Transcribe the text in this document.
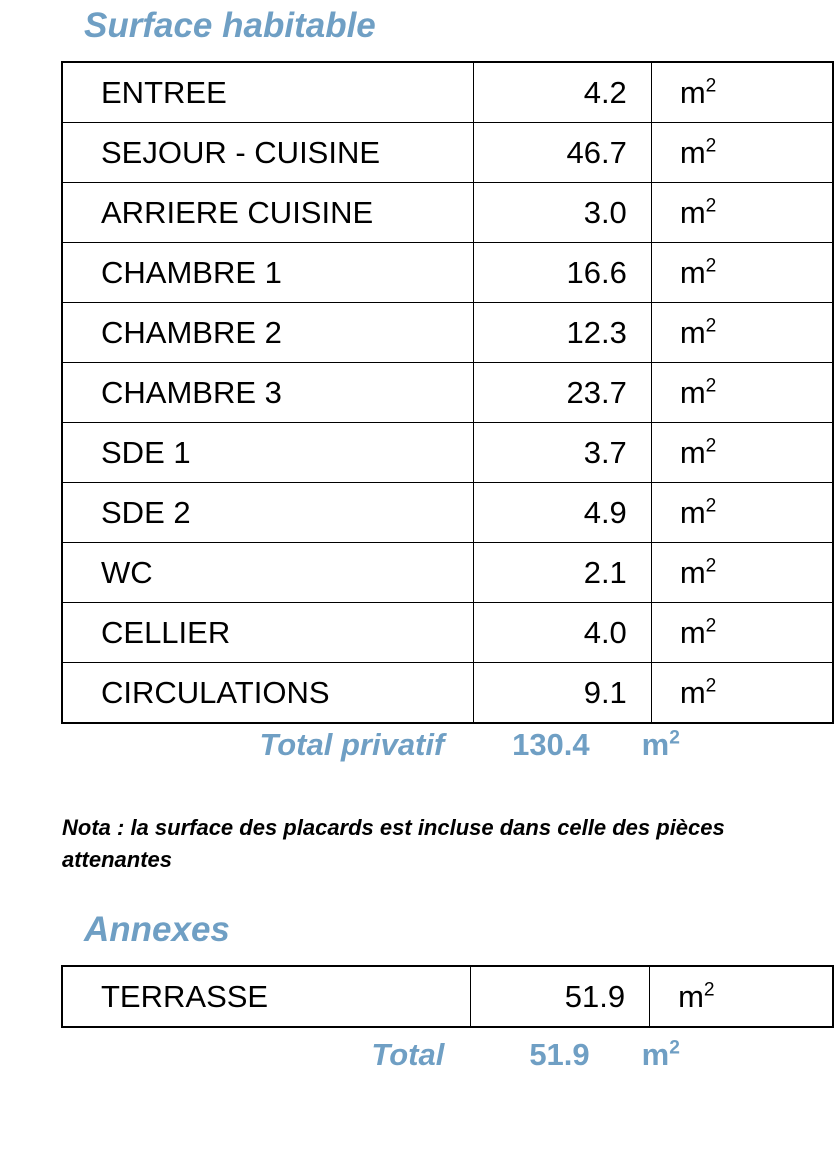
Surface habitable
ENTREE	4.2	$m^2$
SEJOUR - CUISINE	46.7	$m^2$
ARRIERE CUISINE	3.0	$m^2$
CHAMBRE 1	16.6	$m^2$
CHAMBRE 2	12.3	$m^2$
CHAMBRE 3	23.7	$m^2$
SDE 1	3.7	$m^2$
SDE 2	4.9	$m^2$
WC	2.1	$m^2$
CELLIER	4.0	$m^2$
CIRCULATIONS	9.1	$m^2$
Total privatif	130.4	$m^2$
Nota : la surface des placards est incluse dans celle des pièces attenantes
Annexes
TERRASSE	51.9	$m^2$
Total	51.9	$m^2$
